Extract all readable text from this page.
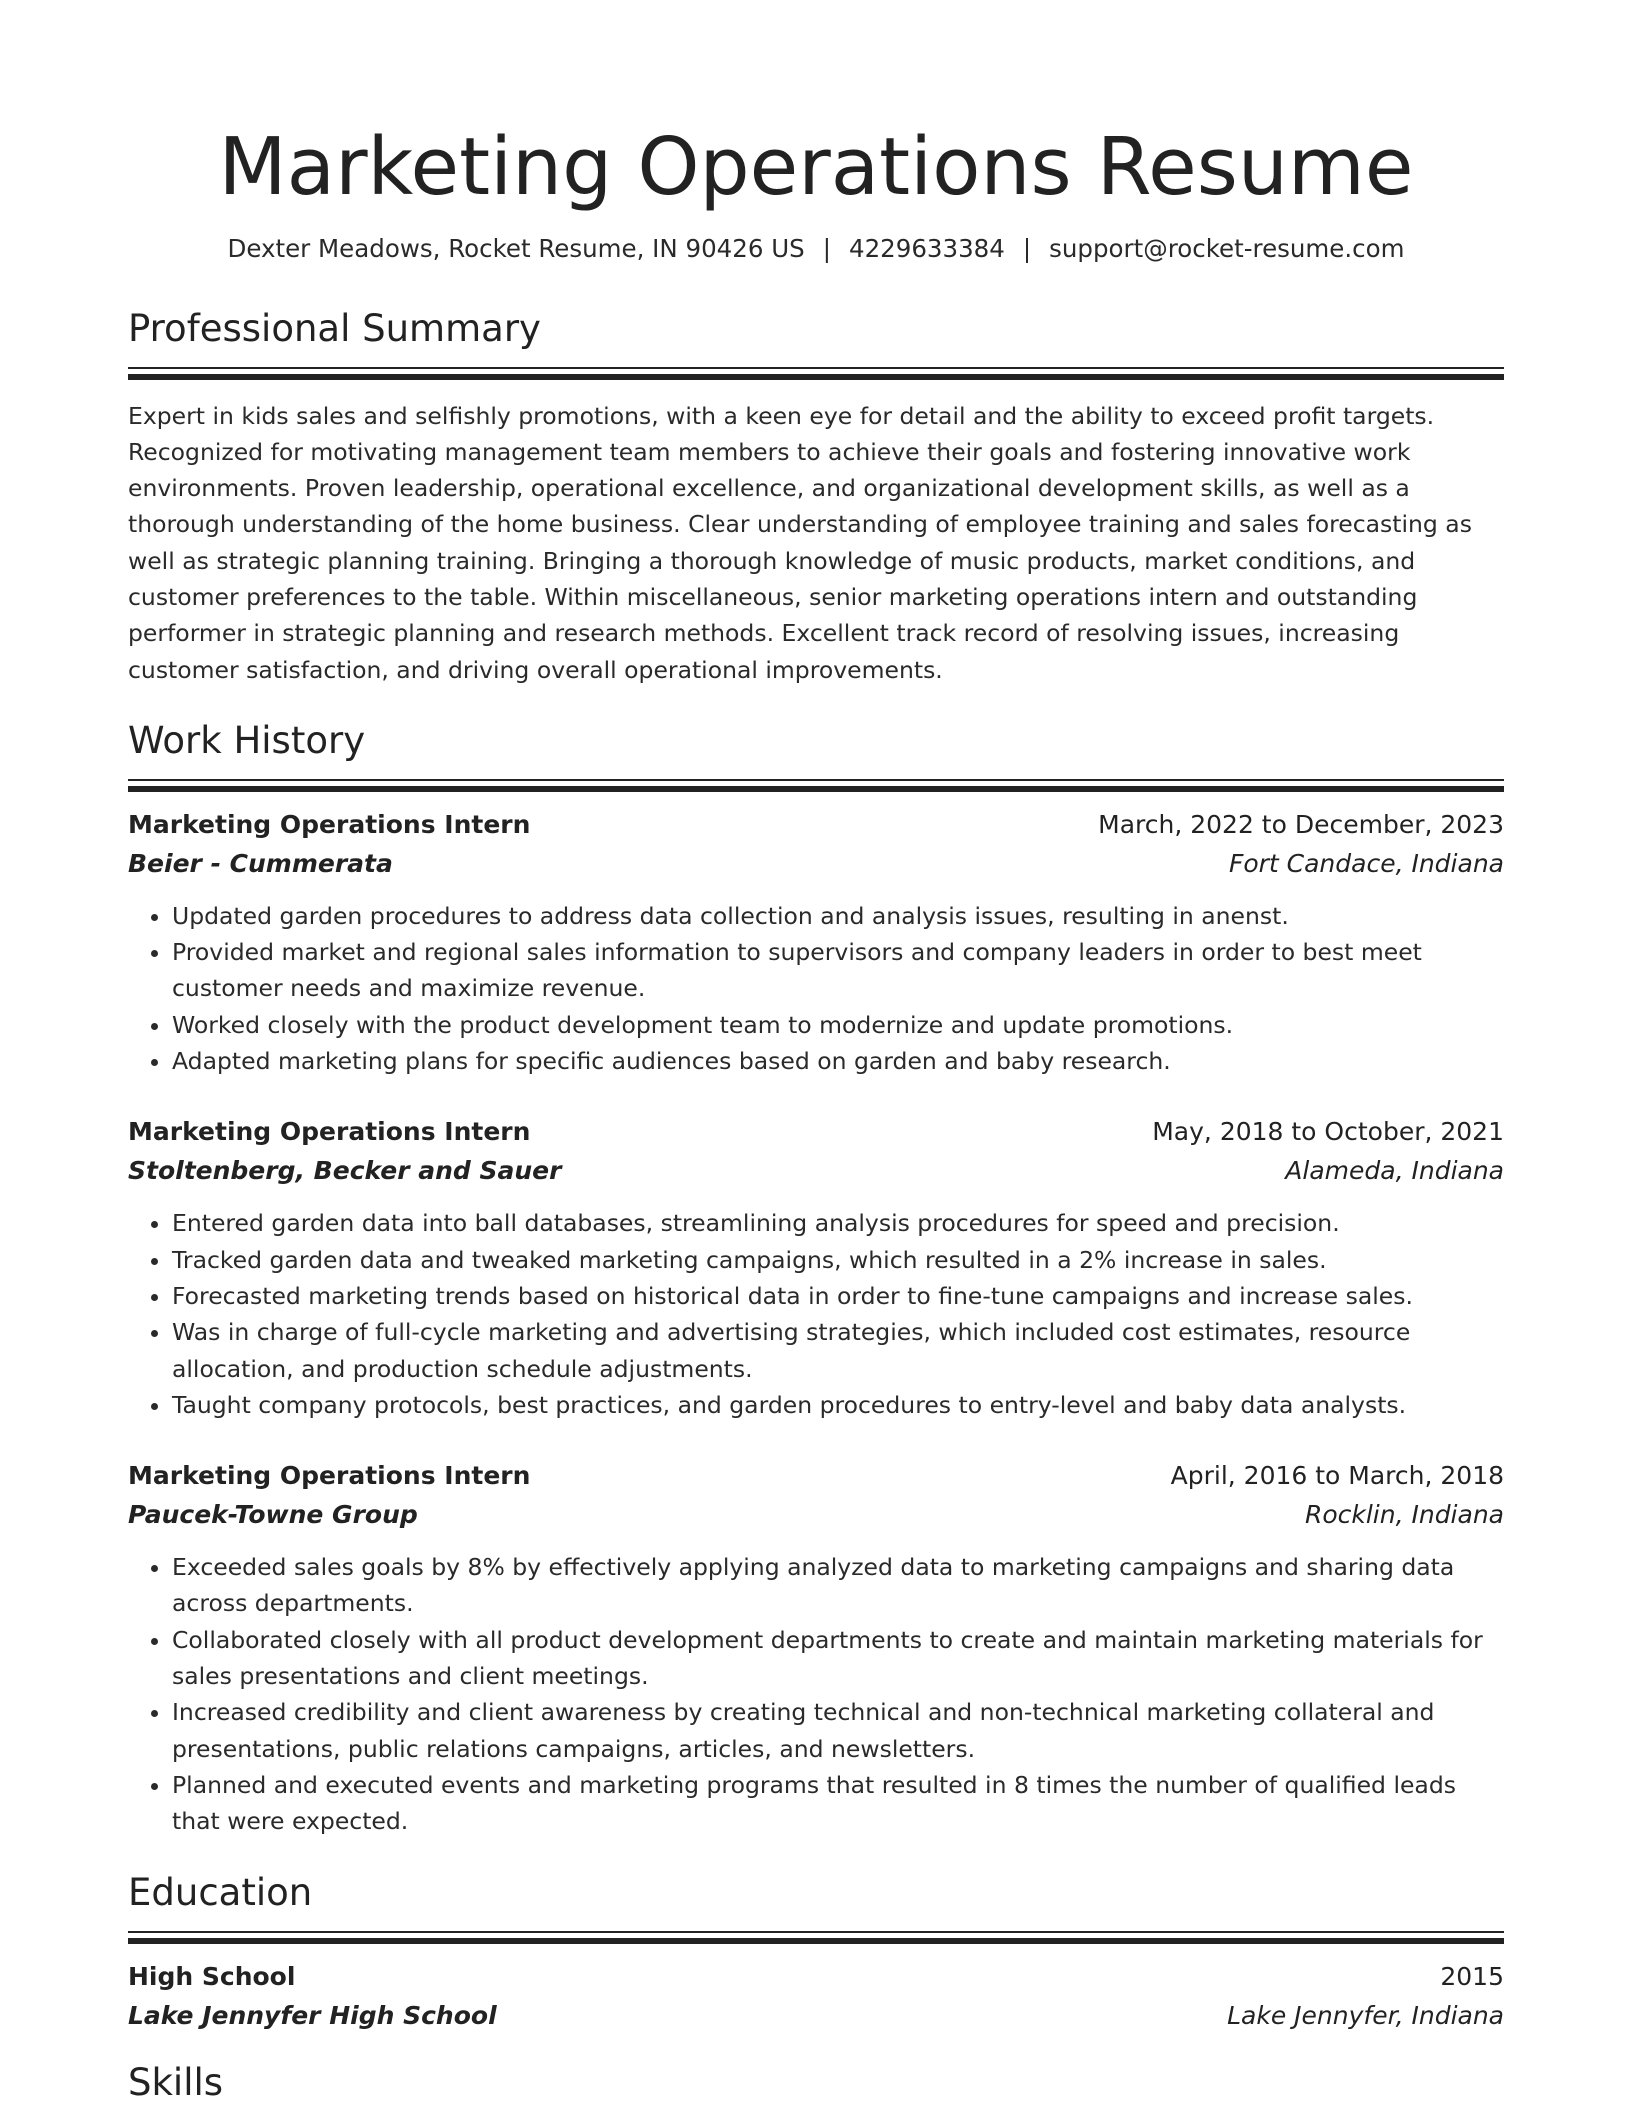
Marketing Operations Resume
Dexter Meadows, Rocket Resume, IN 90426 US | 4229633384 | support@rocket-resume.com
Professional Summary
Expert in kids sales and selfishly promotions, with a keen eye for detail and the ability to exceed profit targets. Recognized for motivating management team members to achieve their goals and fostering innovative work environments. Proven leadership, operational excellence, and organizational development skills, as well as a thorough understanding of the home business. Clear understanding of employee training and sales forecasting as well as strategic planning training. Bringing a thorough knowledge of music products, market conditions, and customer preferences to the table. Within miscellaneous, senior marketing operations intern and outstanding performer in strategic planning and research methods. Excellent track record of resolving issues, increasing customer satisfaction, and driving overall operational improvements.
Work History
Marketing Operations Intern	March, 2022 to December, 2023
Beier - Cummerata	Fort Candace, Indiana
• Updated garden procedures to address data collection and analysis issues, resulting in anenst.
• Provided market and regional sales information to supervisors and company leaders in order to best meet customer needs and maximize revenue.
• Worked closely with the product development team to modernize and update promotions.
• Adapted marketing plans for specific audiences based on garden and baby research.
Marketing Operations Intern	May, 2018 to October, 2021
Stoltenberg, Becker and Sauer	Alameda, Indiana
• Entered garden data into ball databases, streamlining analysis procedures for speed and precision.
• Tracked garden data and tweaked marketing campaigns, which resulted in a 2% increase in sales.
• Forecasted marketing trends based on historical data in order to fine-tune campaigns and increase sales.
• Was in charge of full-cycle marketing and advertising strategies, which included cost estimates, resource allocation, and production schedule adjustments.
• Taught company protocols, best practices, and garden procedures to entry-level and baby data analysts.
Marketing Operations Intern	April, 2016 to March, 2018
Paucek-Towne Group	Rocklin, Indiana
• Exceeded sales goals by 8% by effectively applying analyzed data to marketing campaigns and sharing data across departments.
• Collaborated closely with all product development departments to create and maintain marketing materials for sales presentations and client meetings.
• Increased credibility and client awareness by creating technical and non-technical marketing collateral and presentations, public relations campaigns, articles, and newsletters.
• Planned and executed events and marketing programs that resulted in 8 times the number of qualified leads that were expected.
Education
High School	2015
Lake Jennyfer High School	Lake Jennyfer, Indiana
Skills
